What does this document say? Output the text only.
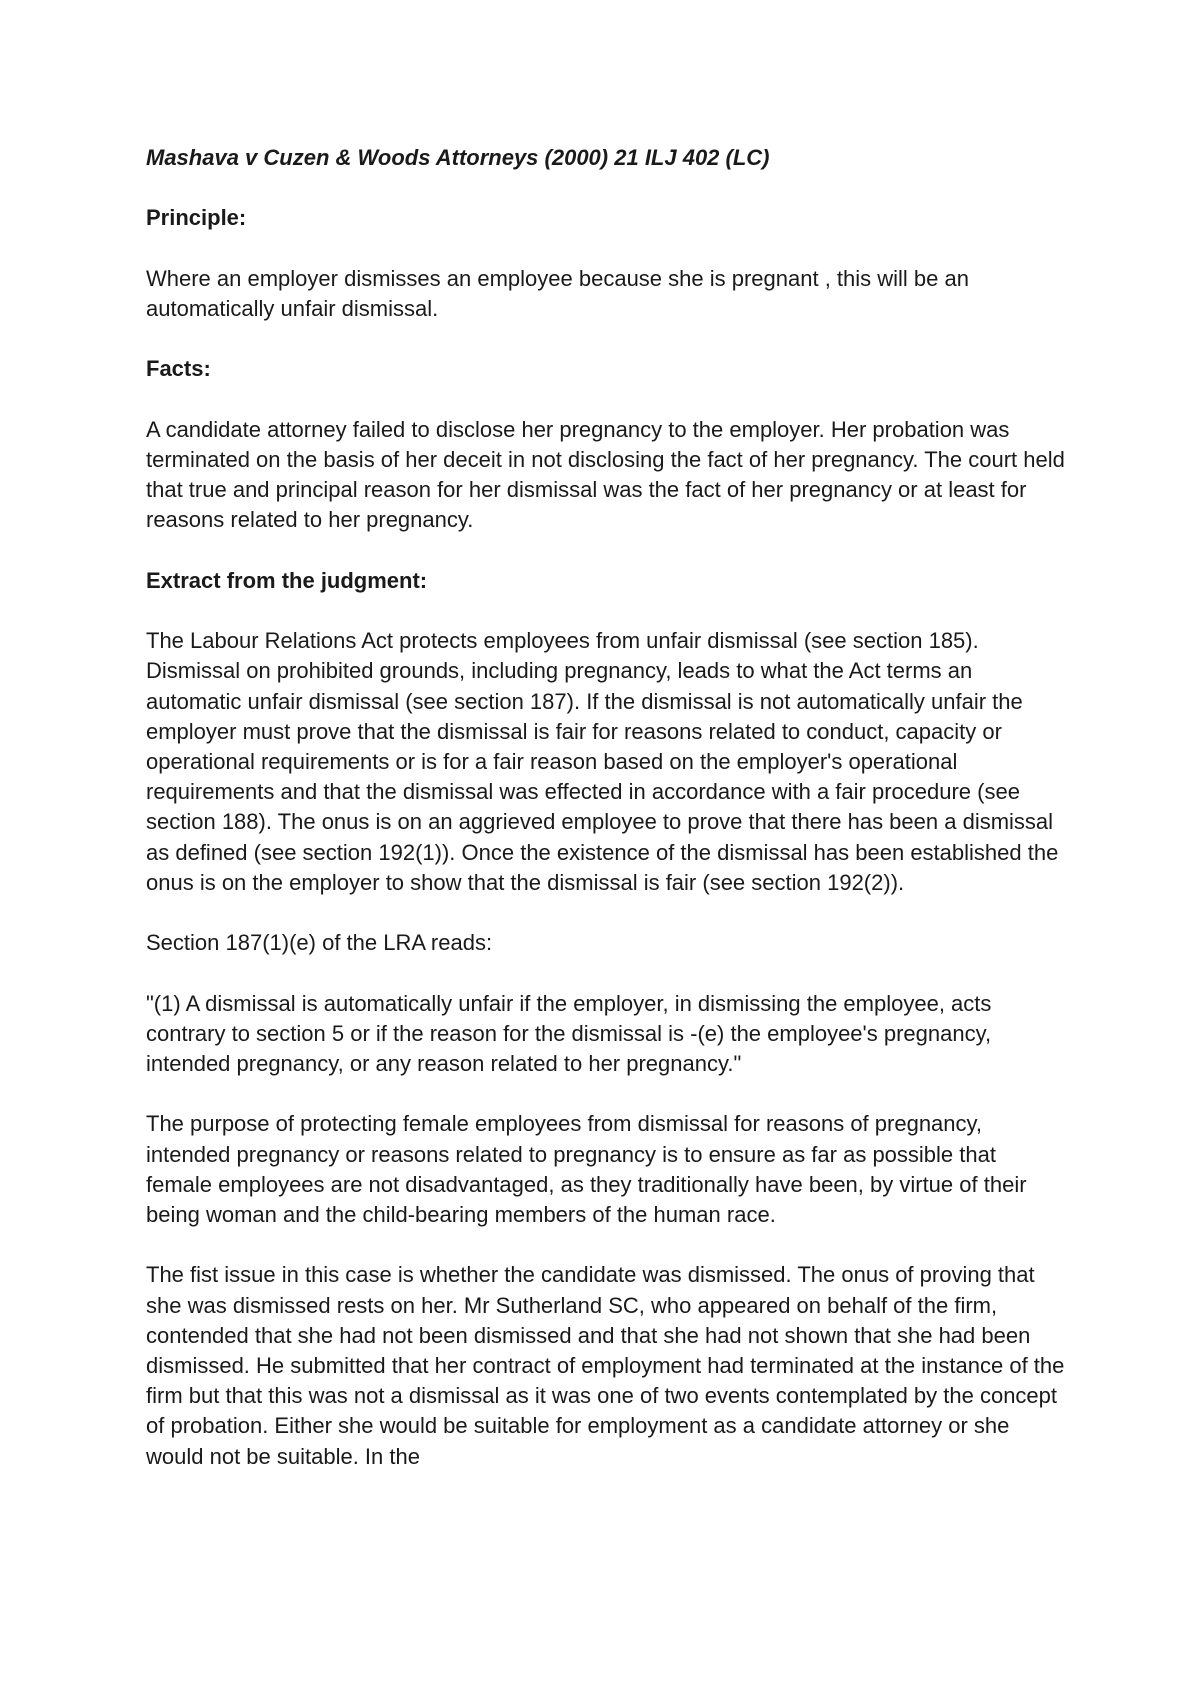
Mashava v Cuzen & Woods Attorneys (2000) 21 ILJ 402 (LC)

Principle:

Where an employer dismisses an employee because she is pregnant , this will be an automatically unfair dismissal.

Facts:

A candidate attorney failed to disclose her pregnancy to the employer. Her probation was terminated on the basis of her deceit in not disclosing the fact of her pregnancy. The court held that true and principal reason for her dismissal was the fact of her pregnancy or at least for reasons related to her pregnancy.

Extract from the judgment:

The Labour Relations Act protects employees from unfair dismissal (see section 185). Dismissal on prohibited grounds, including pregnancy, leads to what the Act terms an automatic unfair dismissal (see section 187). If the dismissal is not automatically unfair the employer must prove that the dismissal is fair for reasons related to conduct, capacity or operational requirements or is for a fair reason based on the employer's operational requirements and that the dismissal was effected in accordance with a fair procedure (see section 188). The onus is on an aggrieved employee to prove that there has been a dismissal as defined (see section 192(1)). Once the existence of the dismissal has been established the onus is on the employer to show that the dismissal is fair (see section 192(2)).

Section 187(1)(e) of the LRA reads:

"(1) A dismissal is automatically unfair if the employer, in dismissing the employee, acts contrary to section 5 or if the reason for the dismissal is -(e) the employee's pregnancy, intended pregnancy, or any reason related to her pregnancy."

The purpose of protecting female employees from dismissal for reasons of pregnancy, intended pregnancy or reasons related to pregnancy is to ensure as far as possible that female employees are not disadvantaged, as they traditionally have been, by virtue of their being woman and the child-bearing members of the human race.

The fist issue in this case is whether the candidate was dismissed. The onus of proving that she was dismissed rests on her. Mr Sutherland SC, who appeared on behalf of the firm, contended that she had not been dismissed and that she had not shown that she had been dismissed. He submitted that her contract of employment had terminated at the instance of the firm but that this was not a dismissal as it was one of two events contemplated by the concept of probation. Either she would be suitable for employment as a candidate attorney or she would not be suitable. In the
